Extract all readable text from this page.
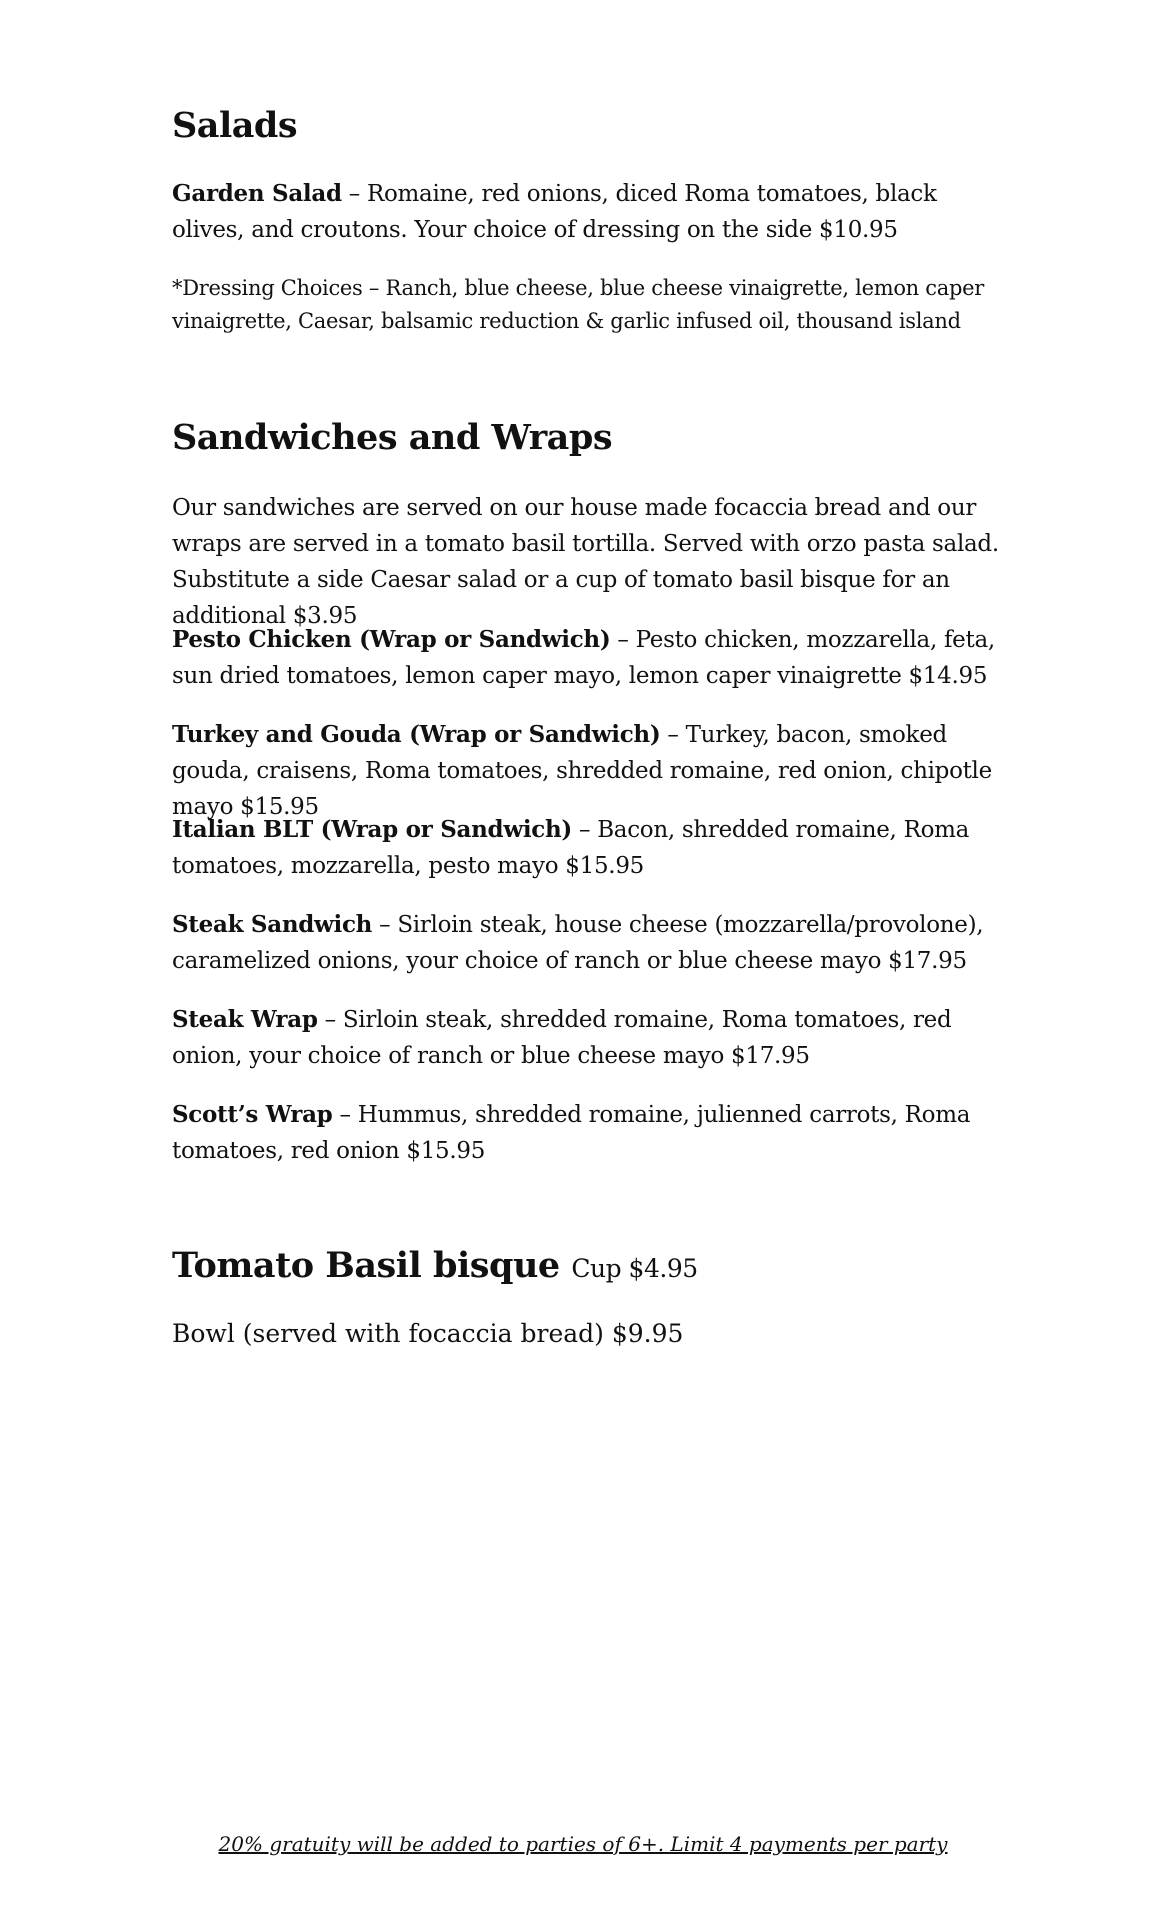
Salads

Garden Salad – Romaine, red onions, diced Roma tomatoes, black olives, and croutons. Your choice of dressing on the side $10.95

*Dressing Choices – Ranch, blue cheese, blue cheese vinaigrette, lemon caper vinaigrette, Caesar, balsamic reduction & garlic infused oil, thousand island

Sandwiches and Wraps

Our sandwiches are served on our house made focaccia bread and our wraps are served in a tomato basil tortilla. Served with orzo pasta salad. Substitute a side Caesar salad or a cup of tomato basil bisque for an additional $3.95

Pesto Chicken (Wrap or Sandwich) – Pesto chicken, mozzarella, feta, sun dried tomatoes, lemon caper mayo, lemon caper vinaigrette $14.95

Turkey and Gouda (Wrap or Sandwich) – Turkey, bacon, smoked gouda, craisens, Roma tomatoes, shredded romaine, red onion, chipotle mayo $15.95

Italian BLT (Wrap or Sandwich) – Bacon, shredded romaine, Roma tomatoes, mozzarella, pesto mayo $15.95

Steak Sandwich – Sirloin steak, house cheese (mozzarella/provolone), caramelized onions, your choice of ranch or blue cheese mayo $17.95

Steak Wrap – Sirloin steak, shredded romaine, Roma tomatoes, red onion, your choice of ranch or blue cheese mayo $17.95

Scott’s Wrap – Hummus, shredded romaine, julienned carrots, Roma tomatoes, red onion $15.95

Tomato Basil bisque Cup $4.95

Bowl (served with focaccia bread) $9.95

20% gratuity will be added to parties of 6+. Limit 4 payments per party
